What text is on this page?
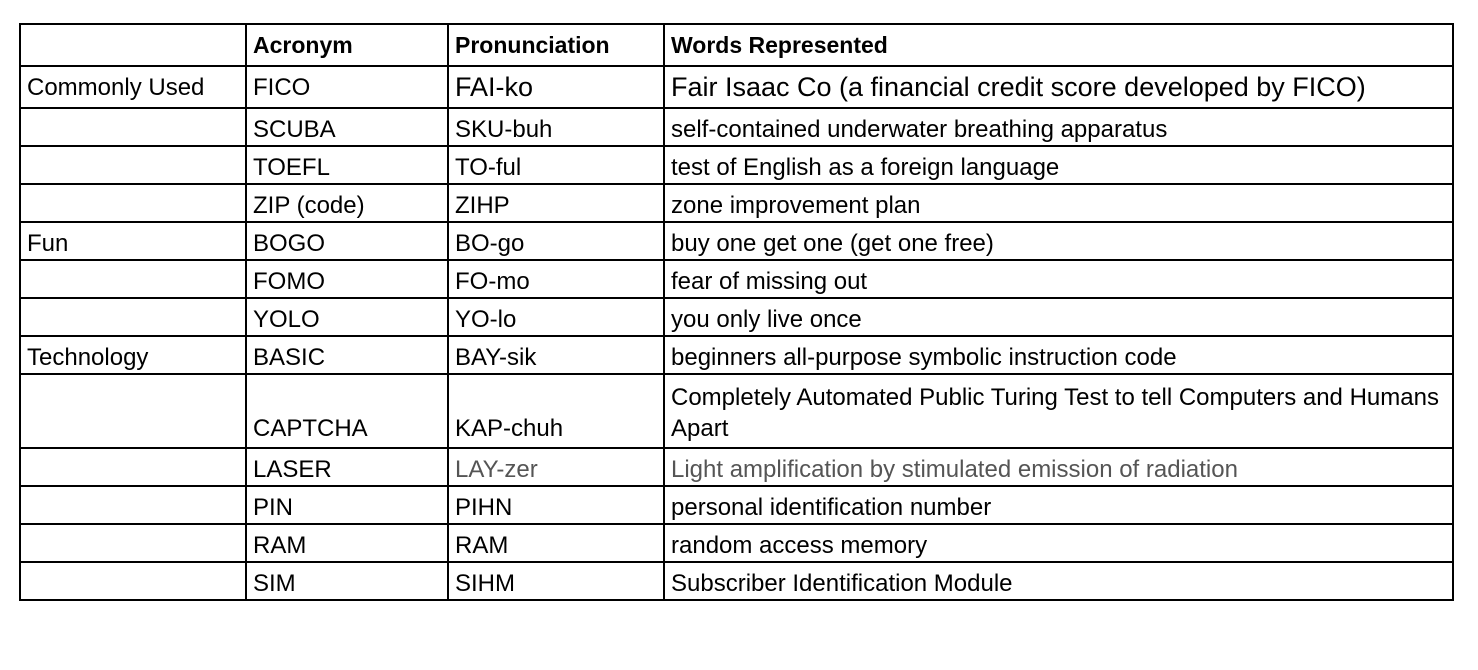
	Acronym	Pronunciation	Words Represented
Commonly Used	FICO	FAI-ko	Fair Isaac Co (a financial credit score developed by FICO)
	SCUBA	SKU-buh	self-contained underwater breathing apparatus
	TOEFL	TO-ful	test of English as a foreign language
	ZIP (code)	ZIHP	zone improvement plan
Fun	BOGO	BO-go	buy one get one (get one free)
	FOMO	FO-mo	fear of missing out
	YOLO	YO-lo	you only live once
Technology	BASIC	BAY-sik	beginners all-purpose symbolic instruction code
	CAPTCHA	KAP-chuh	Completely Automated Public Turing Test to tell Computers and Humans Apart
	LASER	LAY-zer	Light amplification by stimulated emission of radiation
	PIN	PIHN	personal identification number
	RAM	RAM	random access memory
	SIM	SIHM	Subscriber Identification Module
